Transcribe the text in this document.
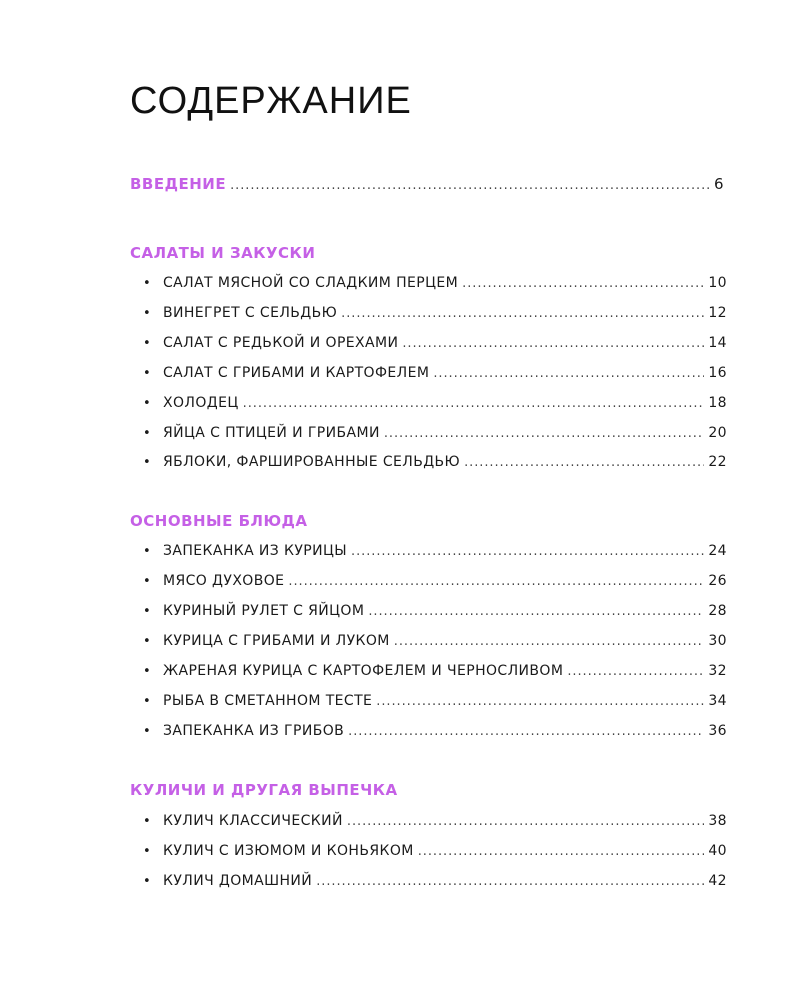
СОДЕРЖАНИЕ
ВВЕДЕНИЕ . . .	6
САЛАТЫ И ЗАКУСКИ
• САЛАТ МЯСНОЙ СО СЛАДКИМ ПЕРЦЕМ . . .	10
• ВИНЕГРЕТ С СЕЛЬДЬЮ . . .	12
• САЛАТ С РЕДЬКОЙ И ОРЕХАМИ . . .	14
• САЛАТ С ГРИБАМИ И КАРТОФЕЛЕМ . . .	16
• ХОЛОДЕЦ . . .	18
• ЯЙЦА С ПТИЦЕЙ И ГРИБАМИ . . .	20
• ЯБЛОКИ, ФАРШИРОВАННЫЕ СЕЛЬДЬЮ . . .	22
ОСНОВНЫЕ БЛЮДА
• ЗАПЕКАНКА ИЗ КУРИЦЫ . . .	24
• МЯСО ДУХОВОЕ . . .	26
• КУРИНЫЙ РУЛЕТ С ЯЙЦОМ . . .	28
• КУРИЦА С ГРИБАМИ И ЛУКОМ . . .	30
• ЖАРЕНАЯ КУРИЦА С КАРТОФЕЛЕМ И ЧЕРНОСЛИВОМ . . .	32
• РЫБА В СМЕТАННОМ ТЕСТЕ . . .	34
• ЗАПЕКАНКА ИЗ ГРИБОВ . . .	36
КУЛИЧИ И ДРУГАЯ ВЫПЕЧКА
• КУЛИЧ КЛАССИЧЕСКИЙ . . .	38
• КУЛИЧ С ИЗЮМОМ И КОНЬЯКОМ . . .	40
• КУЛИЧ ДОМАШНИЙ . . .	42
